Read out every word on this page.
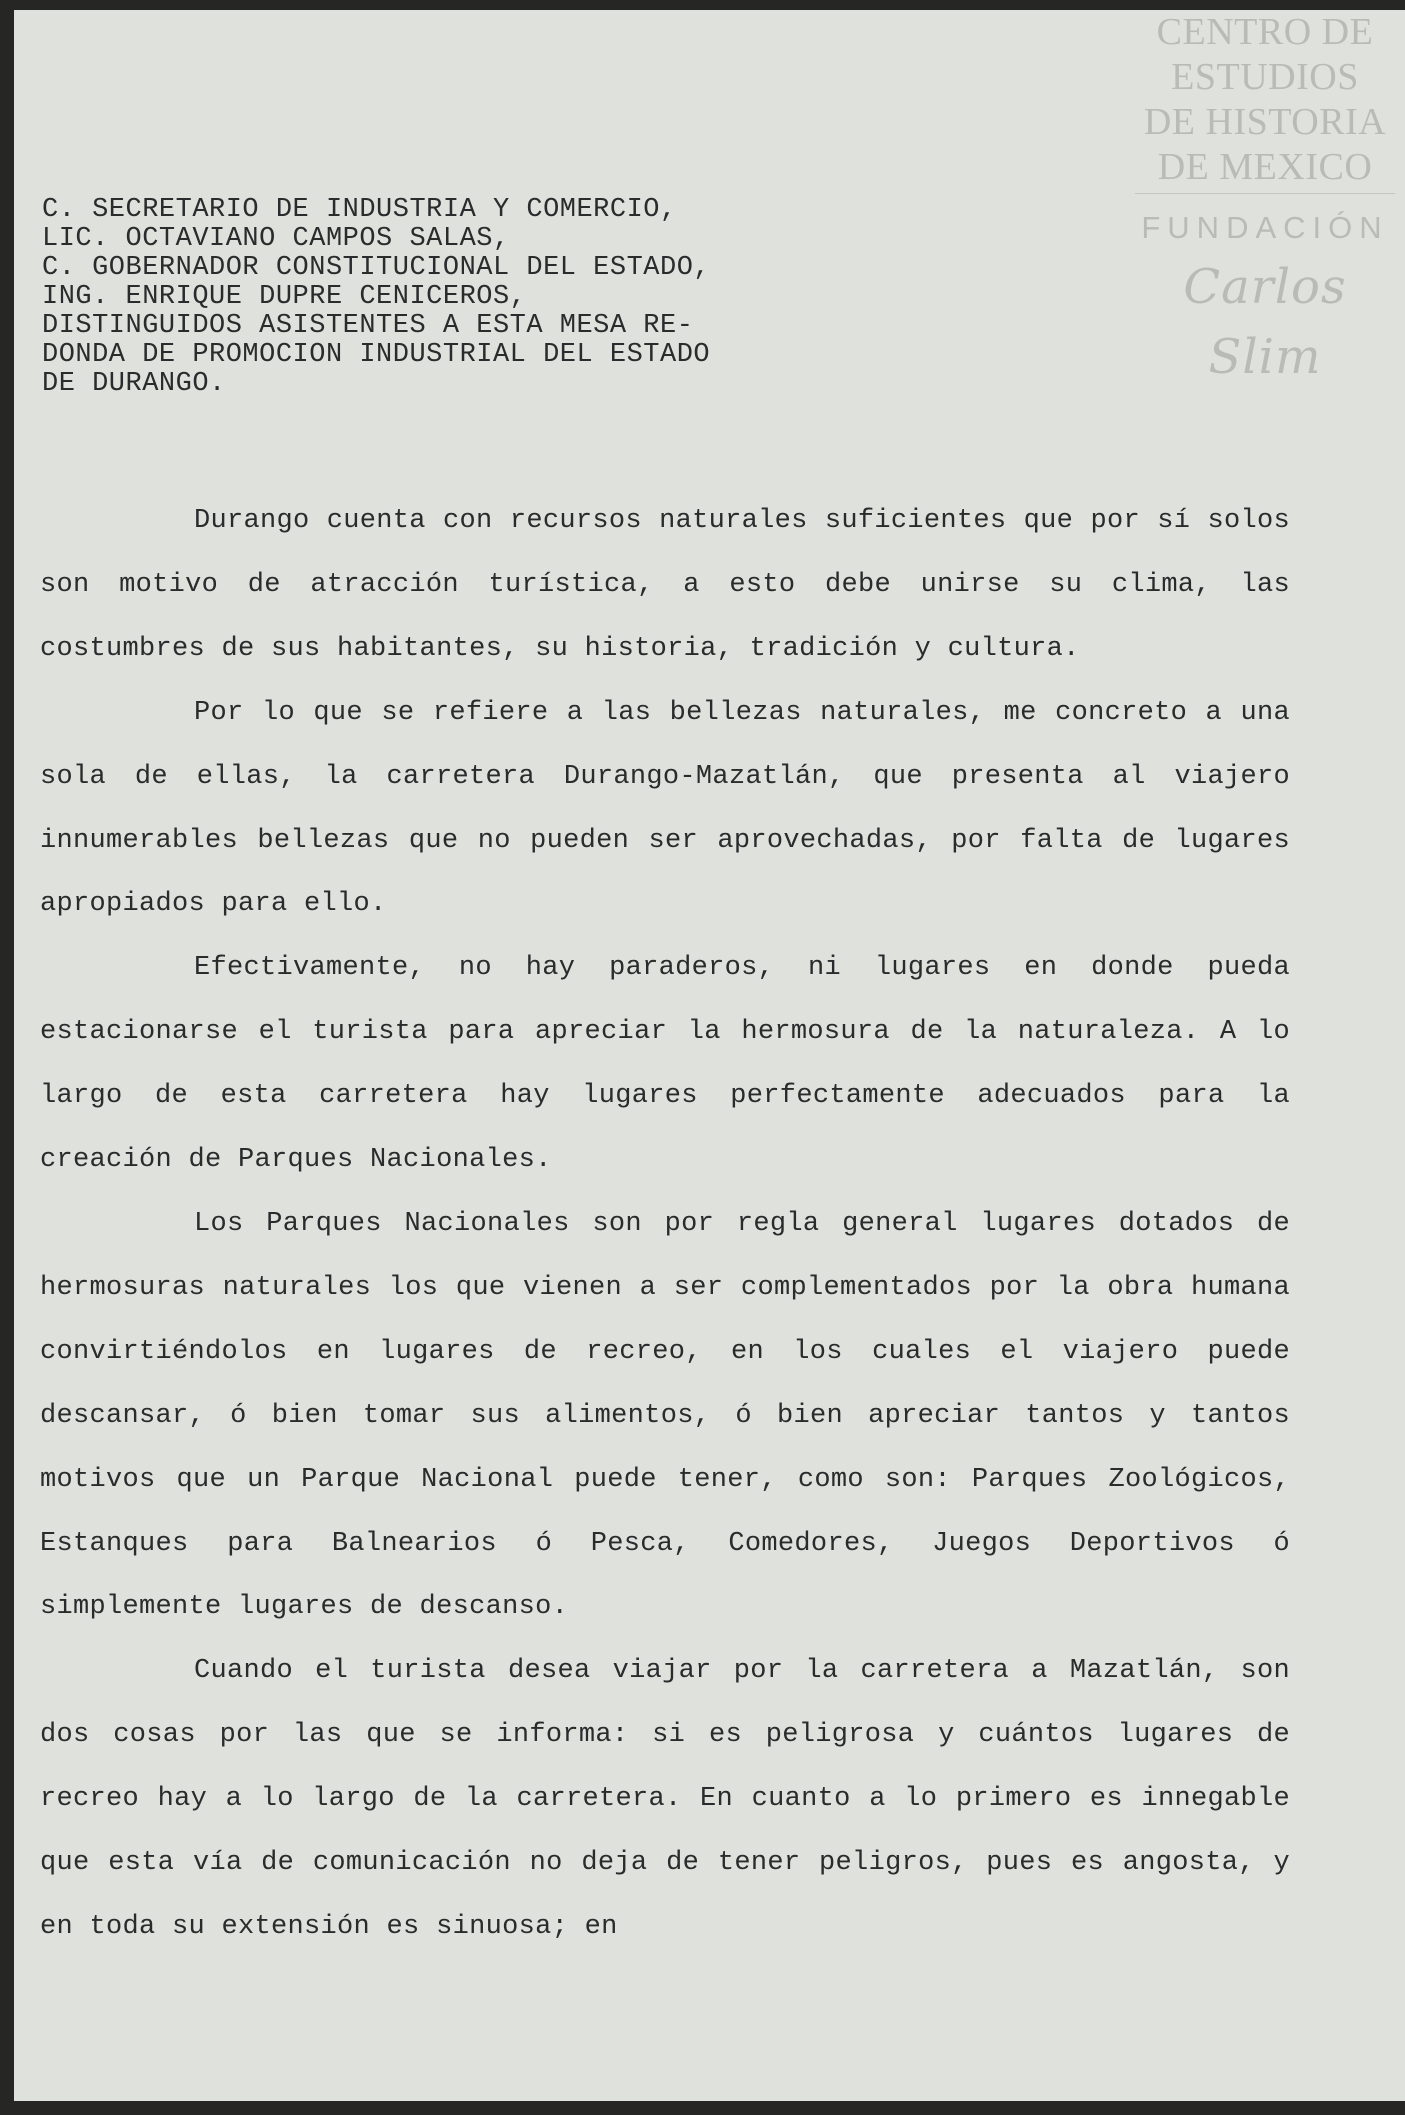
CENTRO DE
ESTUDIOS
DE HISTORIA
DE MEXICO
FUNDACIÓN
Carlos Slim
C. SECRETARIO DE INDUSTRIA Y COMERCIO,
LIC. OCTAVIANO CAMPOS SALAS,
C. GOBERNADOR CONSTITUCIONAL DEL ESTADO,
ING. ENRIQUE DUPRE CENICEROS,
DISTINGUIDOS ASISTENTES A ESTA MESA RE-
DONDA DE PROMOCION INDUSTRIAL DEL ESTADO
DE DURANGO.

Durango cuenta con recursos naturales suficientes que por sí solos son motivo de atracción turística, a esto debe unirse su clima, las costumbres de sus habitantes, su historia, tradición y cultura.

Por lo que se refiere a las bellezas naturales, me concreto a una sola de ellas, la carretera Durango-Mazatlán, que presenta al viajero innumerables bellezas que no pueden ser aprovechadas, por falta de lugares apropiados para ello.

Efectivamente, no hay paraderos, ni lugares en donde pueda estacionarse el turista para apreciar la hermosura de la naturaleza. A lo largo de esta carretera hay lugares perfectamente adecuados para la creación de Parques Nacionales.

Los Parques Nacionales son por regla general lugares dotados de hermosuras naturales los que vienen a ser complementados por la obra humana convirtiéndolos en lugares de recreo, en los cuales el viajero puede descansar, ó bien tomar sus alimentos, ó bien apreciar tantos y tantos motivos que un Parque Nacional puede tener, como son: Parques Zoológicos, Estanques para Balnearios ó Pesca, Comedores, Juegos Deportivos ó simplemente lugares de descanso.

Cuando el turista desea viajar por la carretera a Mazatlán, son dos cosas por las que se informa: si es peligrosa y cuántos lugares de recreo hay a lo largo de la carretera. En cuanto a lo primero es innegable que esta vía de comunicación no deja de tener peligros, pues es angosta, y en toda su extensión es sinuosa; en
